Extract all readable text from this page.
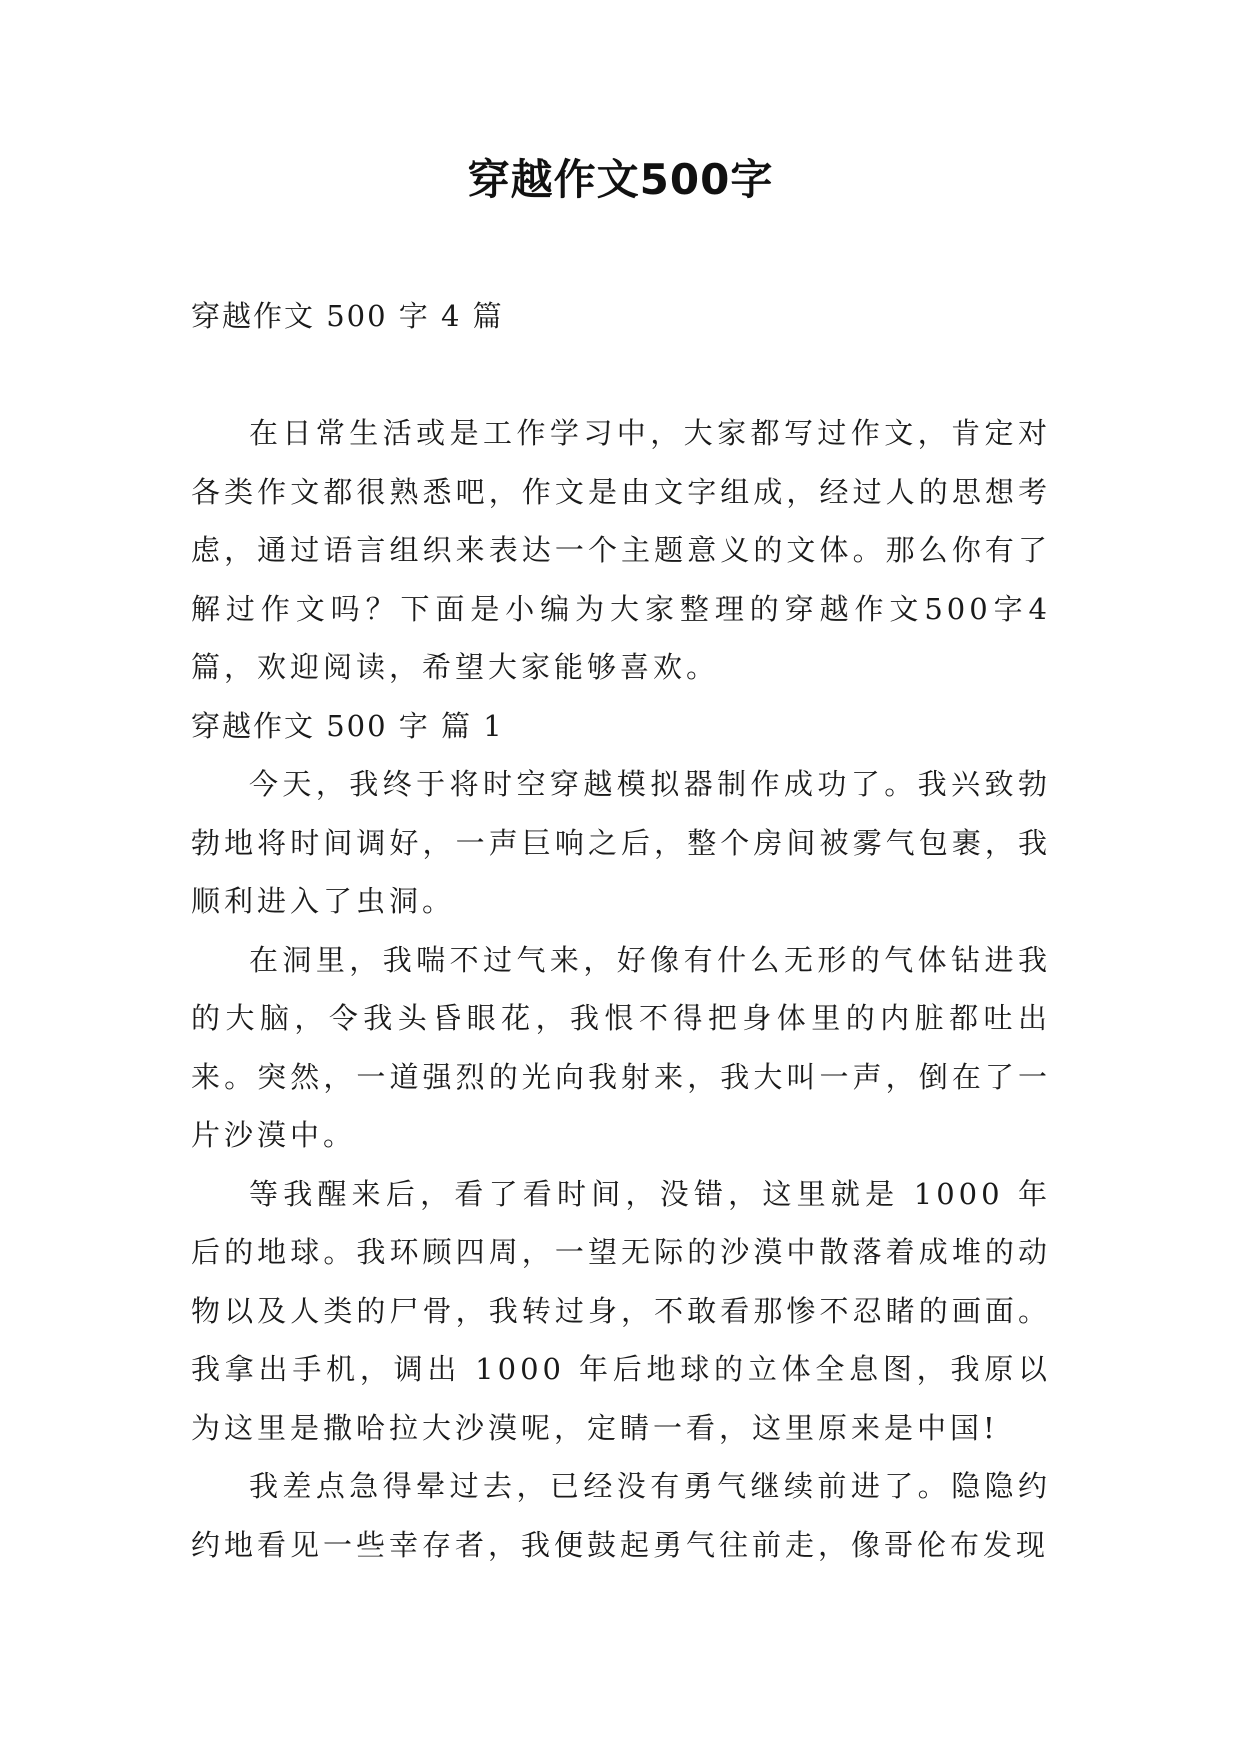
穿越作文500字
穿越作文 500 字 4 篇

在日常生活或是工作学习中，大家都写过作文，肯定对各类作文都很熟悉吧，作文是由文字组成，经过人的思想考虑，通过语言组织来表达一个主题意义的文体。那么你有了解过作文吗？下面是小编为大家整理的穿越作文500字4篇，欢迎阅读，希望大家能够喜欢。

穿越作文 500 字 篇 1

今天，我终于将时空穿越模拟器制作成功了。我兴致勃勃地将时间调好，一声巨响之后，整个房间被雾气包裹，我顺利进入了虫洞。

在洞里，我喘不过气来，好像有什么无形的气体钻进我的大脑，令我头昏眼花，我恨不得把身体里的内脏都吐出来。突然，一道强烈的光向我射来，我大叫一声，倒在了一片沙漠中。

等我醒来后，看了看时间，没错，这里就是 1000 年后的地球。我环顾四周，一望无际的沙漠中散落着成堆的动物以及人类的尸骨，我转过身，不敢看那惨不忍睹的画面。我拿出手机，调出 1000 年后地球的立体全息图，我原以为这里是撒哈拉大沙漠呢，定睛一看，这里原来是中国!

我差点急得晕过去，已经没有勇气继续前进了。隐隐约约地看见一些幸存者，我便鼓起勇气往前走，像哥伦布发现
